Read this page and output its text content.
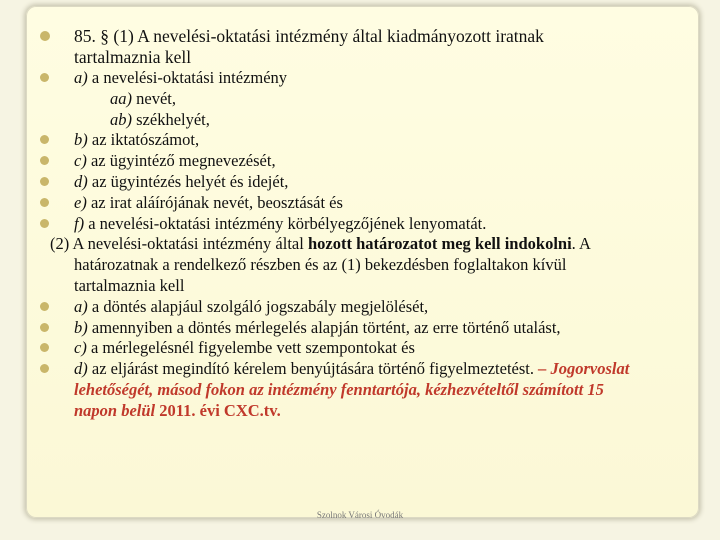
85. § (1) A nevelési-oktatási intézmény által kiadmányozott iratnak
tartalmaznia kell
a) a nevelési-oktatási intézmény
aa) nevét,
ab) székhelyét,
b) az iktatószámot,
c) az ügyintéző megnevezését,
d) az ügyintézés helyét és idejét,
e) az irat aláírójának nevét, beosztását és
f) a nevelési-oktatási intézmény körbélyegzőjének lenyomatát.
(2) A nevelési-oktatási intézmény által hozott határozatot meg kell indokolni. A
határozatnak a rendelkező részben és az (1) bekezdésben foglaltakon kívül
tartalmaznia kell
a) a döntés alapjául szolgáló jogszabály megjelölését,
b) amennyiben a döntés mérlegelés alapján történt, az erre történő utalást,
c) a mérlegelésnél figyelembe vett szempontokat és
d) az eljárást megindító kérelem benyújtására történő figyelmeztetést. – Jogorvoslat
lehetőségét, másod fokon az intézmény fenntartója, kézhezvételtől számított 15
napon belül 2011. évi CXC.tv.
Szolnok Városi Óvodák
